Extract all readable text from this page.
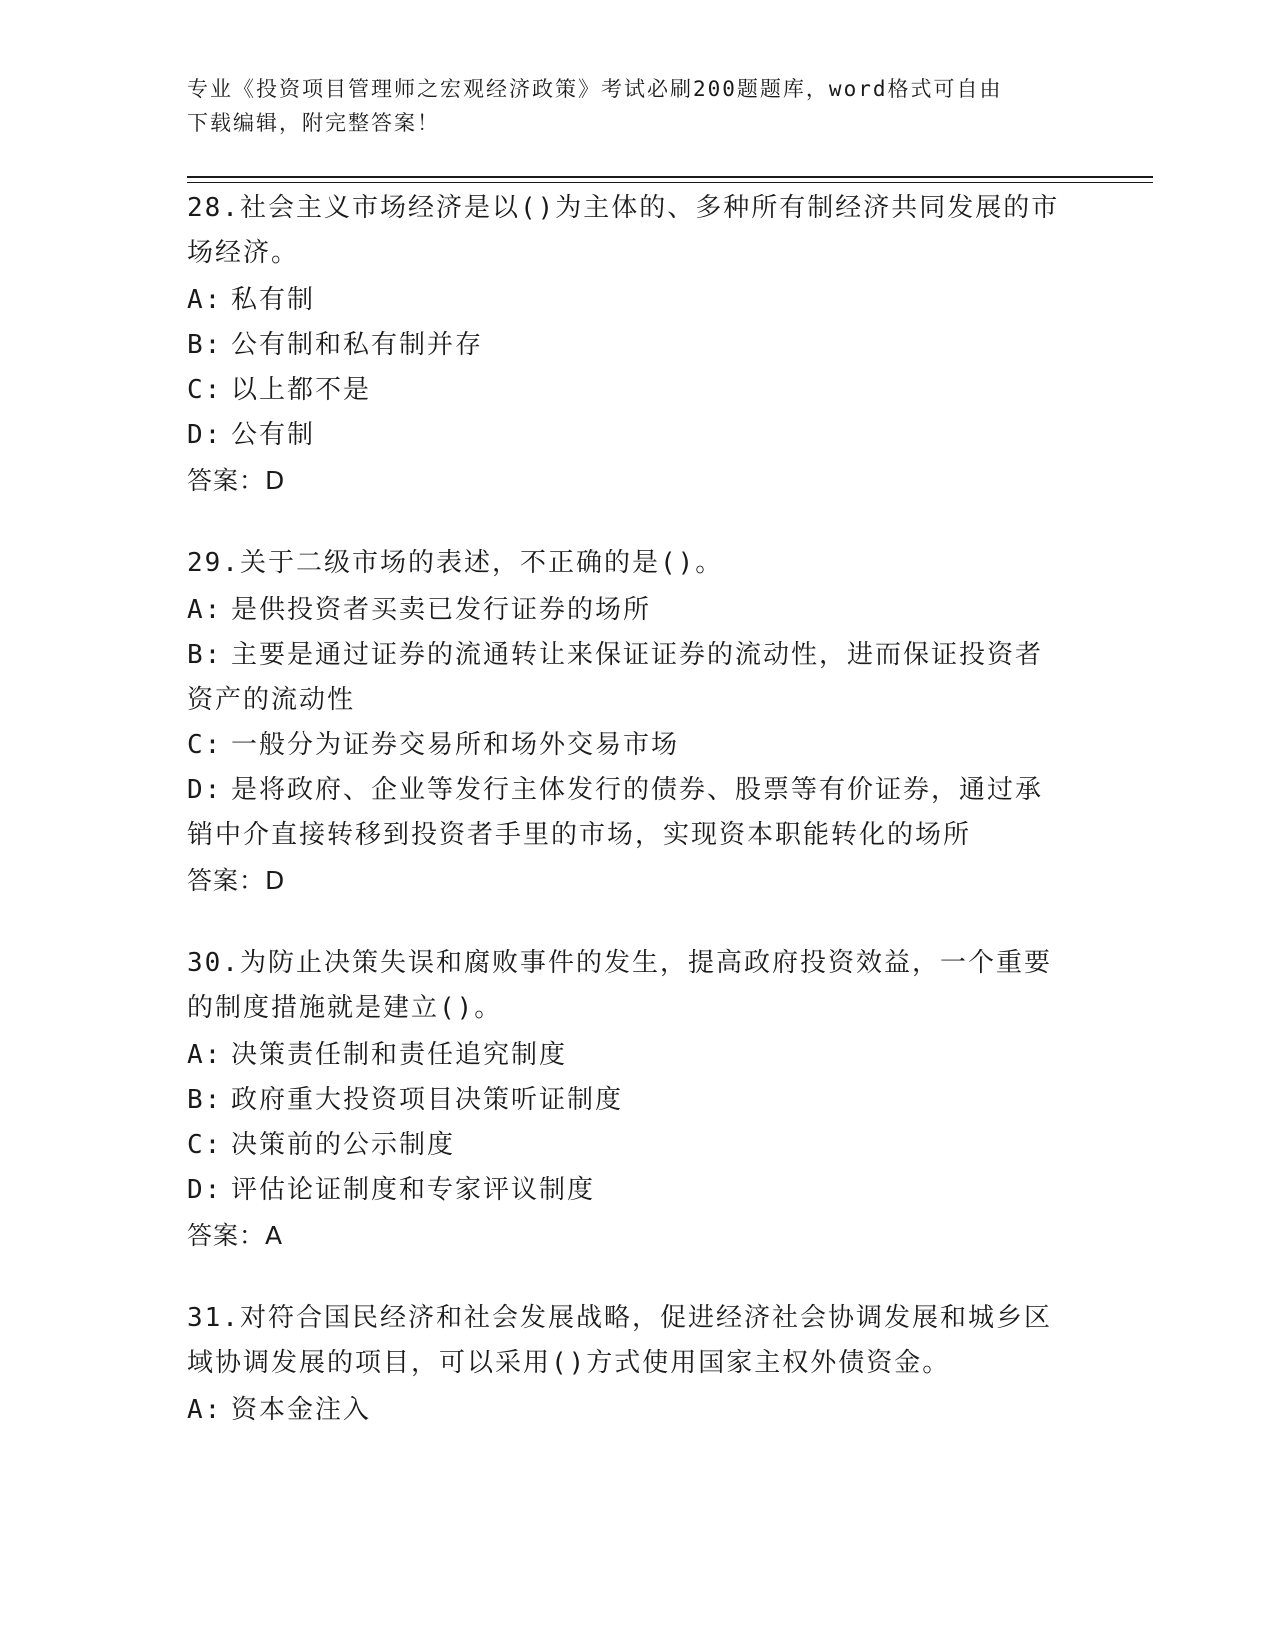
专业《投资项目管理师之宏观经济政策》考试必刷200题题库，word格式可自由
下载编辑，附完整答案！
28.社会主义市场经济是以()为主体的、多种所有制经济共同发展的市
场经济。
A: 私有制
B: 公有制和私有制并存
C: 以上都不是
D: 公有制
答案：D
29.关于二级市场的表述，不正确的是()。
A: 是供投资者买卖已发行证券的场所
B: 主要是通过证券的流通转让来保证证券的流动性，进而保证投资者
资产的流动性
C: 一般分为证券交易所和场外交易市场
D: 是将政府、企业等发行主体发行的债券、股票等有价证券，通过承
销中介直接转移到投资者手里的市场，实现资本职能转化的场所
答案：D
30.为防止决策失误和腐败事件的发生，提高政府投资效益，一个重要
的制度措施就是建立()。
A: 决策责任制和责任追究制度
B: 政府重大投资项目决策听证制度
C: 决策前的公示制度
D: 评估论证制度和专家评议制度
答案：A
31.对符合国民经济和社会发展战略，促进经济社会协调发展和城乡区
域协调发展的项目，可以采用()方式使用国家主权外债资金。
A: 资本金注入
